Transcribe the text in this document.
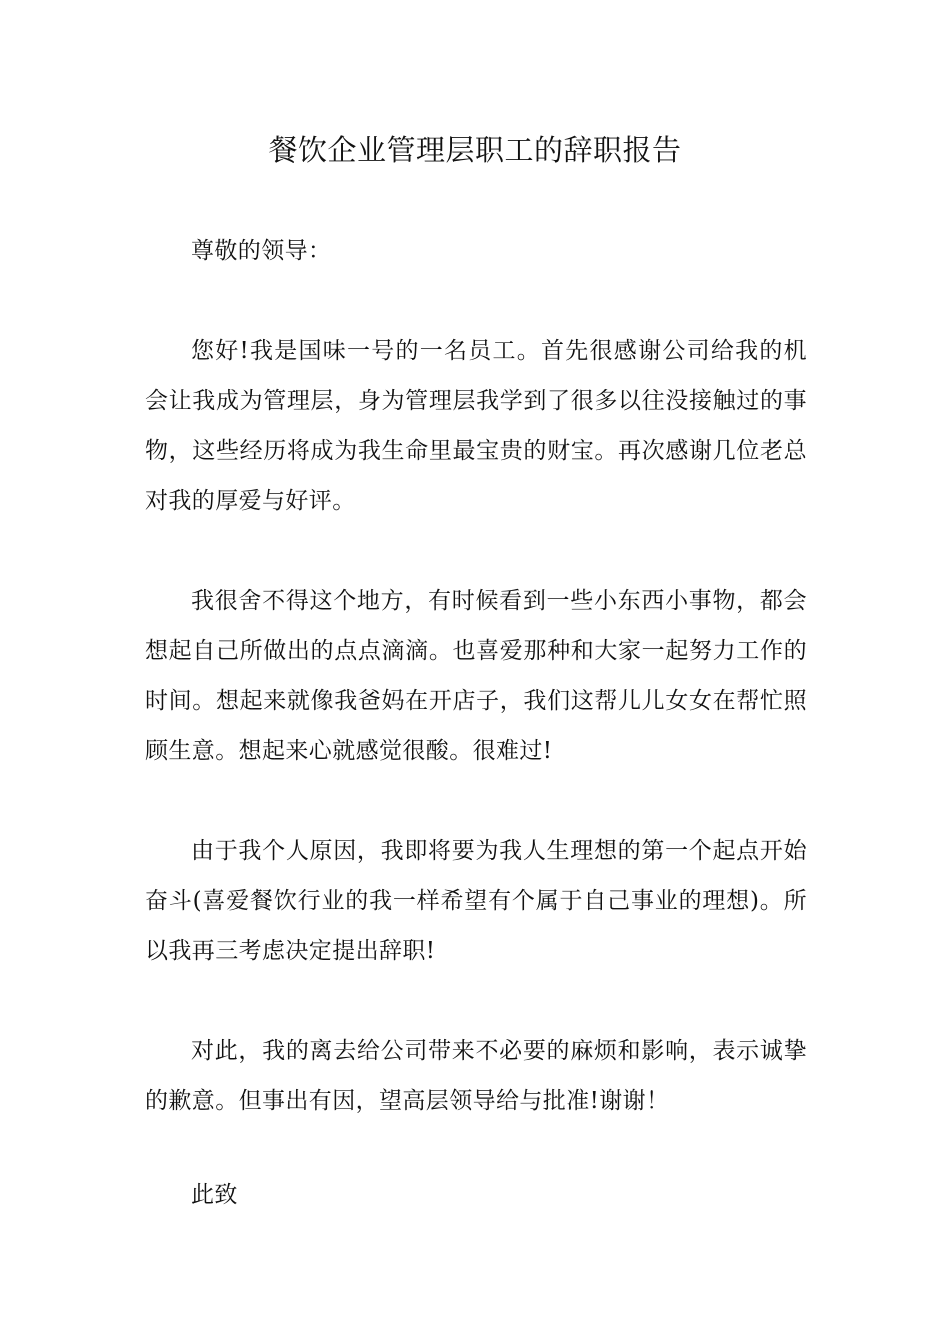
餐饮企业管理层职工的辞职报告
尊敬的领导：
您好!我是国味一号的一名员工。首先很感谢公司给我的机会让我成为管理层，身为管理层我学到了很多以往没接触过的事物，这些经历将成为我生命里最宝贵的财宝。再次感谢几位老总对我的厚爱与好评。
我很舍不得这个地方，有时候看到一些小东西小事物，都会想起自己所做出的点点滴滴。也喜爱那种和大家一起努力工作的时间。想起来就像我爸妈在开店子，我们这帮儿儿女女在帮忙照顾生意。想起来心就感觉很酸。很难过!
由于我个人原因，我即将要为我人生理想的第一个起点开始奋斗(喜爱餐饮行业的我一样希望有个属于自己事业的理想)。所以我再三考虑决定提出辞职!
对此，我的离去给公司带来不必要的麻烦和影响，表示诚挚的歉意。但事出有因，望高层领导给与批准!谢谢！
此致
